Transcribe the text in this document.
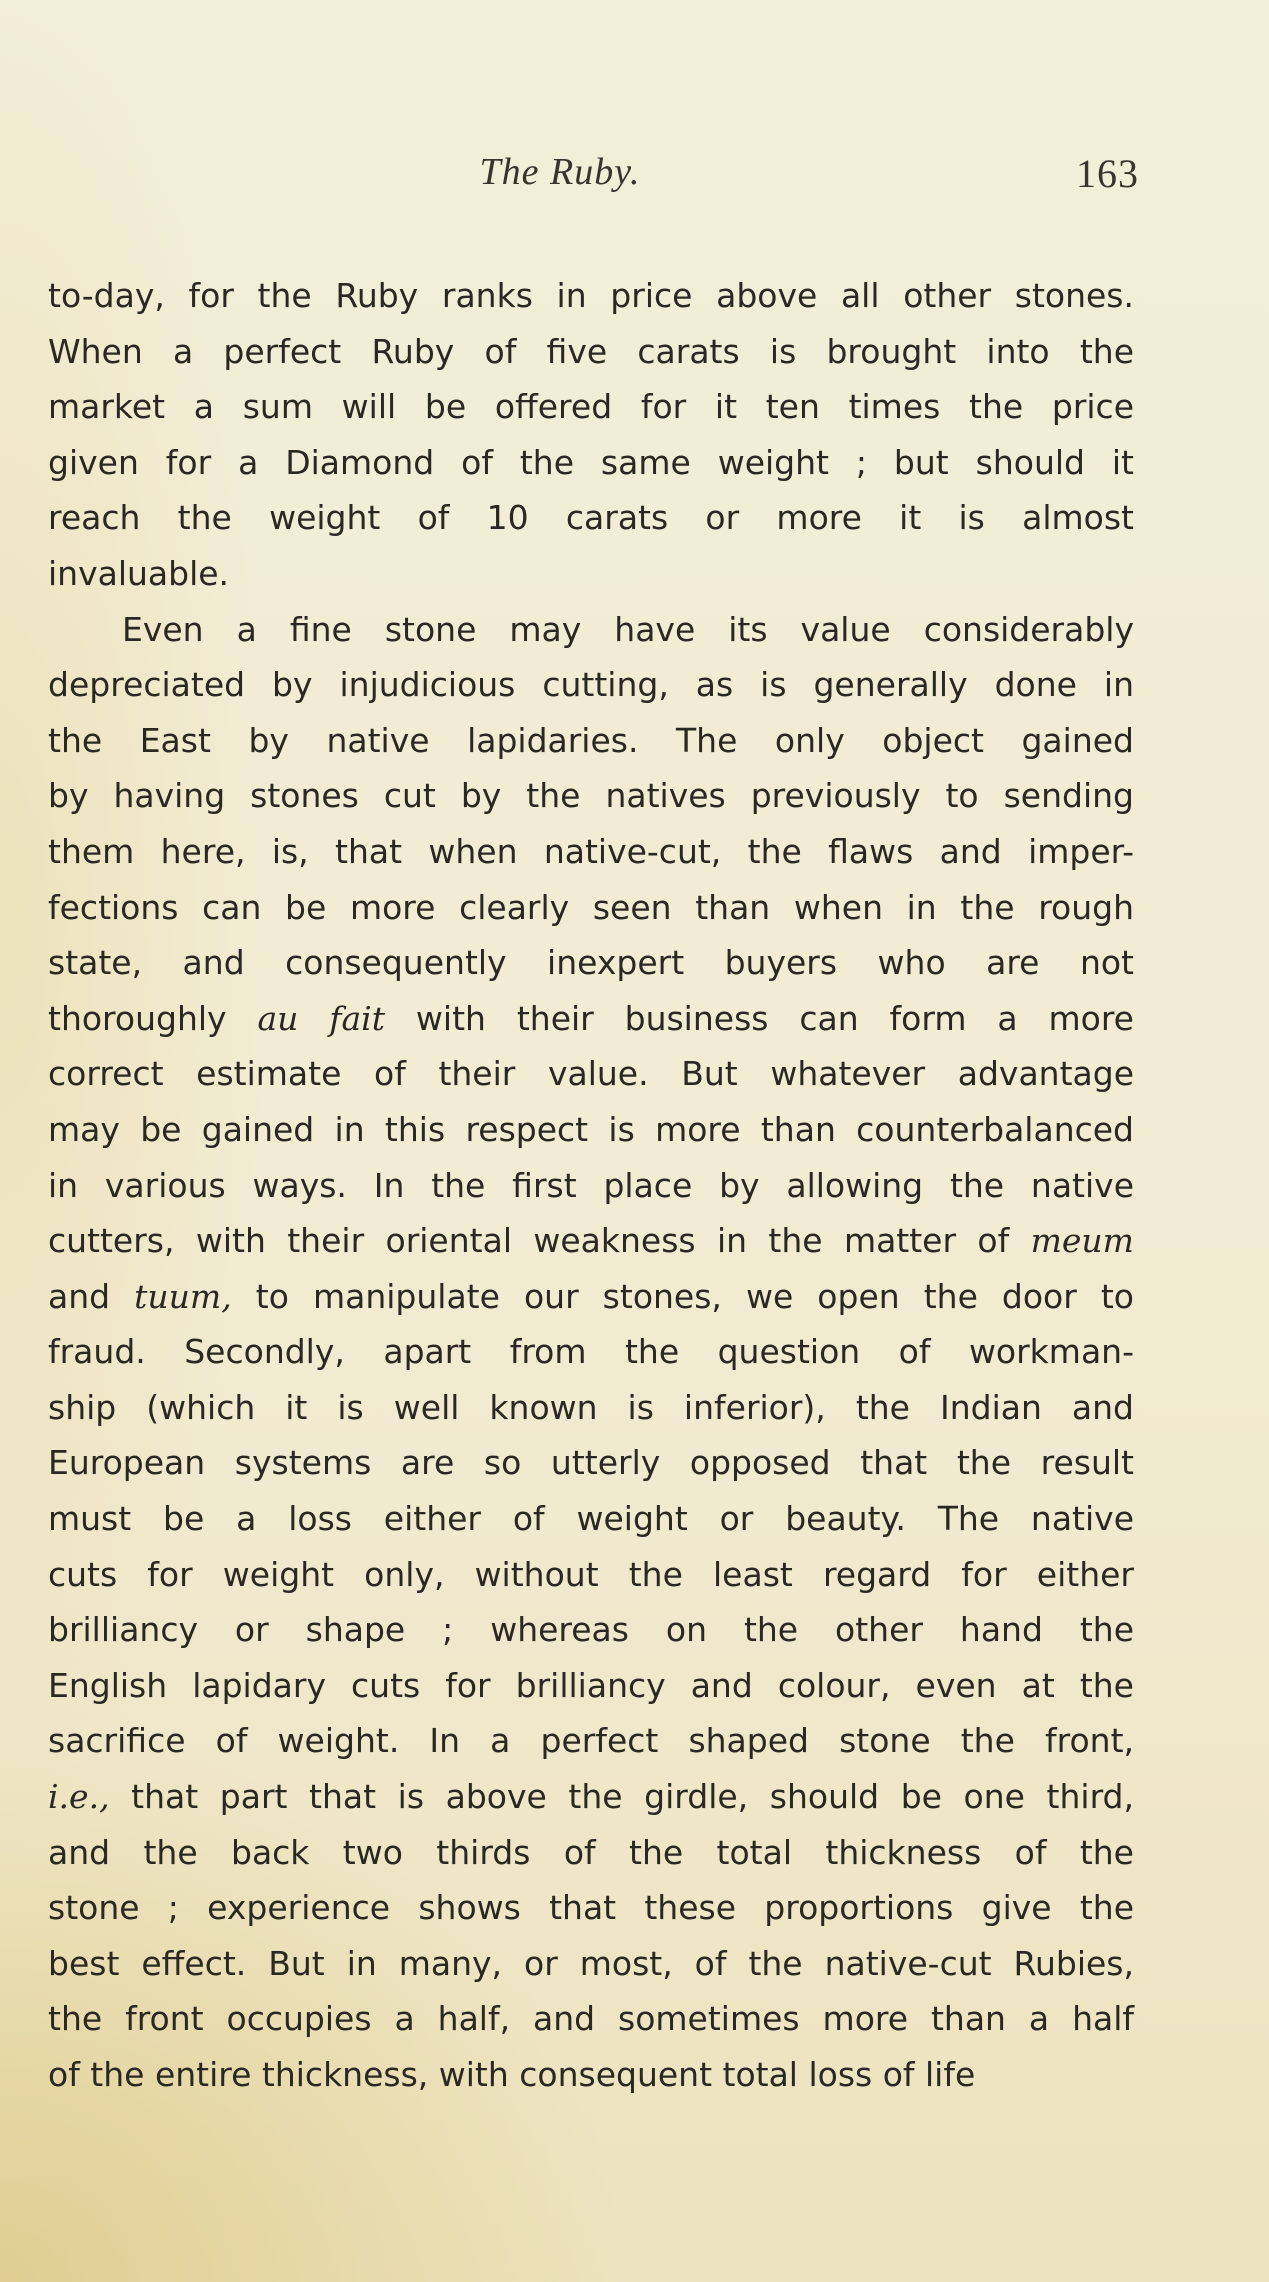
The Ruby.	163
to-day, for the Ruby ranks in price above all other stones.
When a perfect Ruby of five carats is brought into the
market a sum will be offered for it ten times the price
given for a Diamond of the same weight ; but should it
reach the weight of 10 carats or more it is almost
invaluable.
Even a fine stone may have its value considerably
depreciated by injudicious cutting, as is generally done in
the East by native lapidaries. The only object gained
by having stones cut by the natives previously to sending
them here, is, that when native-cut, the flaws and imper-
fections can be more clearly seen than when in the rough
state, and consequently inexpert buyers who are not
thoroughly au fait with their business can form a more
correct estimate of their value. But whatever advantage
may be gained in this respect is more than counterbalanced
in various ways. In the first place by allowing the native
cutters, with their oriental weakness in the matter of meum
and tuum, to manipulate our stones, we open the door to
fraud. Secondly, apart from the question of workman-
ship (which it is well known is inferior), the Indian and
European systems are so utterly opposed that the result
must be a loss either of weight or beauty. The native
cuts for weight only, without the least regard for either
brilliancy or shape ; whereas on the other hand the
English lapidary cuts for brilliancy and colour, even at the
sacrifice of weight. In a perfect shaped stone the front,
i.e., that part that is above the girdle, should be one third,
and the back two thirds of the total thickness of the
stone ; experience shows that these proportions give the
best effect. But in many, or most, of the native-cut Rubies,
the front occupies a half, and sometimes more than a half
of the entire thickness, with consequent total loss of life
